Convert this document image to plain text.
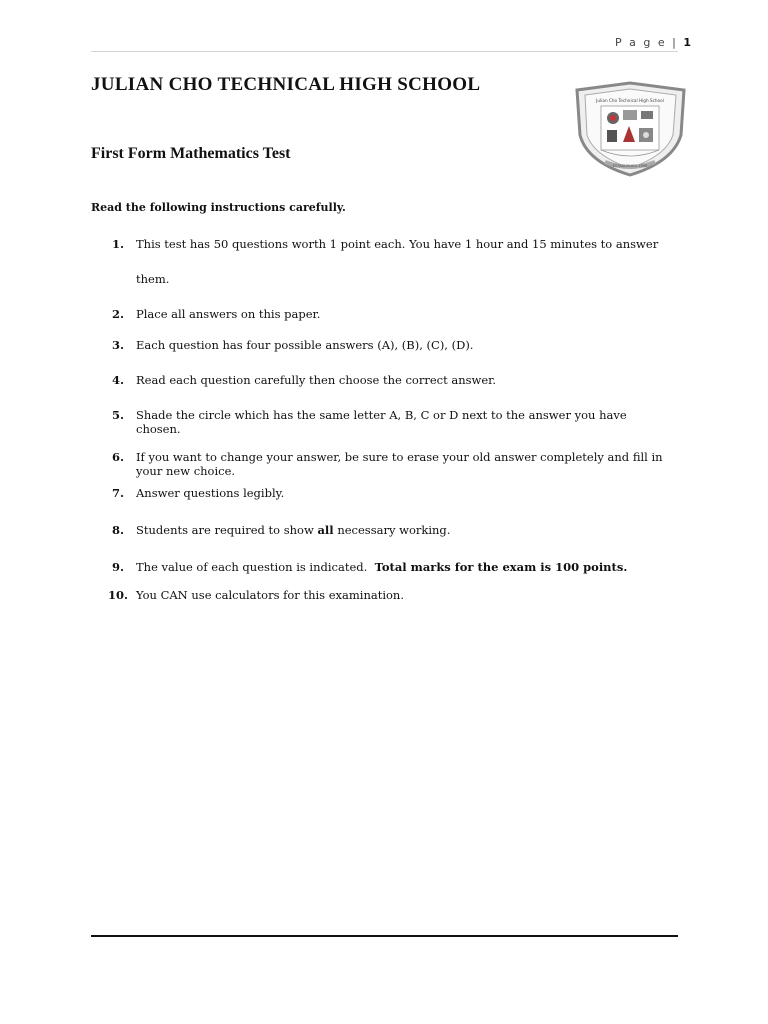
P a g e | 1
JULIAN CHO TECHNICAL HIGH SCHOOL
First Form Mathematics Test
Julian Cho Technical High School
ESTABLISHED 1998

Read the following instructions carefully.

1. This test has 50 questions worth 1 point each. You have 1 hour and 15 minutes to answer
them.
2. Place all answers on this paper.
3. Each question has four possible answers (A), (B), (C), (D).
4. Read each question carefully then choose the correct answer.
5. Shade the circle which has the same letter A, B, C or D next to the answer you have chosen.
6. If you want to change your answer, be sure to erase your old answer completely and fill in your new choice.
7. Answer questions legibly.
8. Students are required to show all necessary working.
9. The value of each question is indicated.  Total marks for the exam is 100 points.
10. You CAN use calculators for this examination.
